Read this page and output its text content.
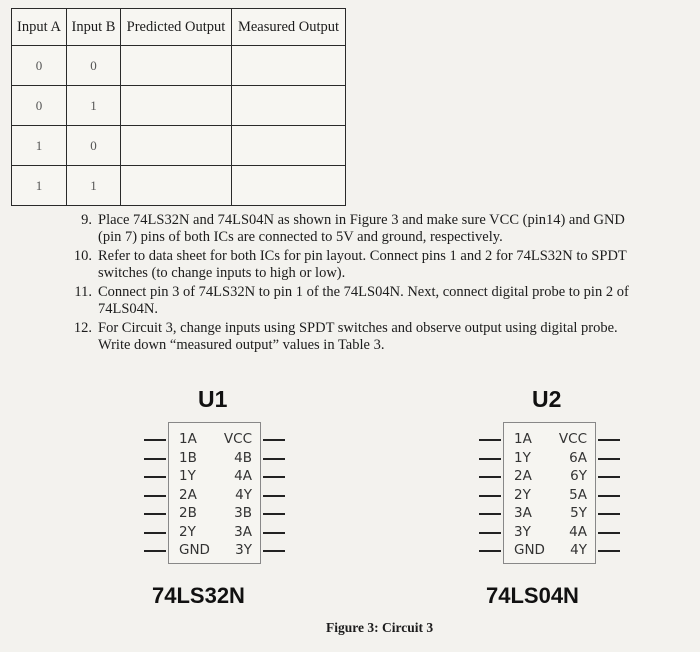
Input A	Input B	Predicted Output	Measured Output
0	0		
0	1		
1	0		
1	1		
9. Place 74LS32N and 74LS04N as shown in Figure 3 and make sure VCC (pin14) and GND
(pin 7) pins of both ICs are connected to 5V and ground, respectively.
10. Refer to data sheet for both ICs for pin layout. Connect pins 1 and 2 for 74LS32N to SPDT
switches (to change inputs to high or low).
11. Connect pin 3 of 74LS32N to pin 1 of the 74LS04N. Next, connect digital probe to pin 2 of
74LS04N.
12. For Circuit 3, change inputs using SPDT switches and observe output using digital probe.
Write down “measured output” values in Table 3.
U1
1A VCC
1B	4B
1Y	4A
2A	4Y
2B	3B
2Y	3A
GND 3Y
74LS32N
U2
1A VCC
1Y	6A
2A	6Y
2Y	5A
3A	5Y
3Y	4A
GND 4Y
74LS04N
Figure 3: Circuit 3
